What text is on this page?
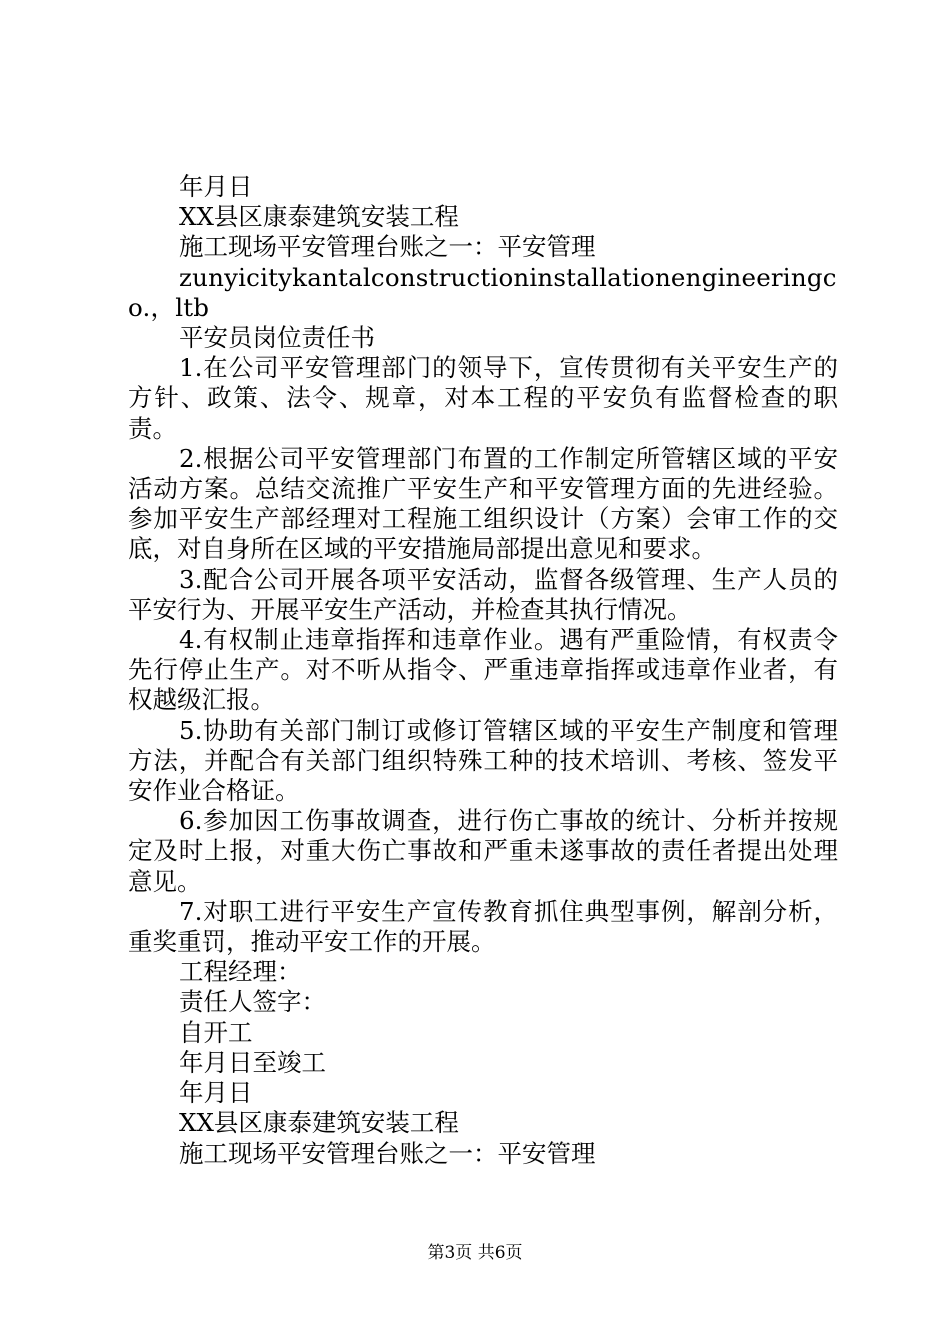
年月日
XX县区康泰建筑安装工程
施工现场平安管理台账之一：平安管理
zunyicitykantalconstructioninstallationengineeringco.，ltb
平安员岗位责任书
1.在公司平安管理部门的领导下，宣传贯彻有关平安生产的方针、政策、法令、规章，对本工程的平安负有监督检查的职责。
2.根据公司平安管理部门布置的工作制定所管辖区域的平安活动方案。总结交流推广平安生产和平安管理方面的先进经验。参加平安生产部经理对工程施工组织设计（方案）会审工作的交底，对自身所在区域的平安措施局部提出意见和要求。
3.配合公司开展各项平安活动，监督各级管理、生产人员的平安行为、开展平安生产活动，并检查其执行情况。
4.有权制止违章指挥和违章作业。遇有严重险情，有权责令先行停止生产。对不听从指令、严重违章指挥或违章作业者，有权越级汇报。
5.协助有关部门制订或修订管辖区域的平安生产制度和管理方法，并配合有关部门组织特殊工种的技术培训、考核、签发平安作业合格证。
6.参加因工伤事故调查，进行伤亡事故的统计、分析并按规定及时上报，对重大伤亡事故和严重未遂事故的责任者提出处理意见。
7.对职工进行平安生产宣传教育抓住典型事例，解剖分析，重奖重罚，推动平安工作的开展。
工程经理：
责任人签字：
自开工
年月日至竣工
年月日
XX县区康泰建筑安装工程
施工现场平安管理台账之一：平安管理
第3页 共6页
